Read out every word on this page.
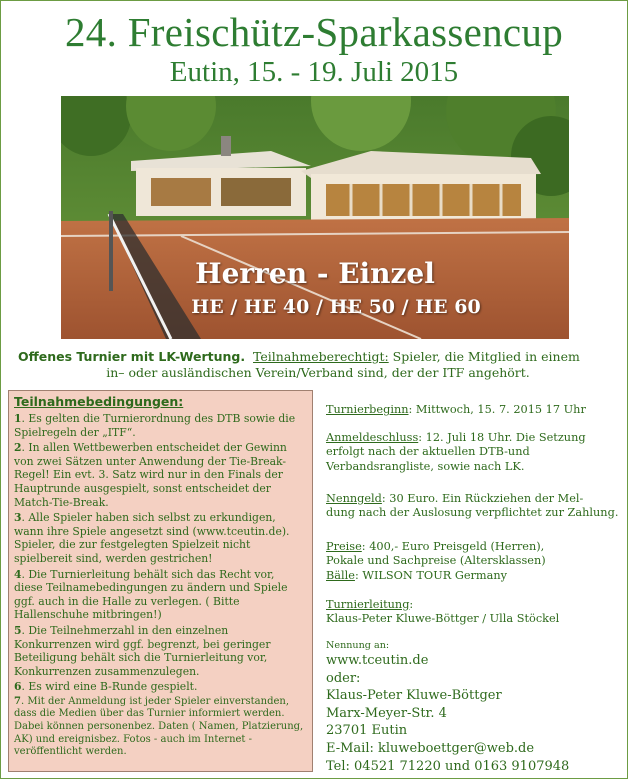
24. Freischütz-Sparkassencup
Eutin, 15. - 19. Juli 2015
Herren - Einzel
HE / HE 40 / HE 50 / HE 60
Offenes Turnier mit LK-Wertung. Teilnahmeberechtigt: Spieler, die Mitglied in einem
in– oder ausländischen Verein/Verband sind, der der ITF angehört.
Teilnahmebedingungen:
1. Es gelten die Turnierordnung des DTB sowie die
Spielregeln der „ITF“.
2. In allen Wettbewerben entscheidet der Gewinn
von zwei Sätzen unter Anwendung der Tie-Break-
Regel! Ein evt. 3. Satz wird nur in den Finals der
Hauptrunde ausgespielt, sonst entscheidet der
Match-Tie-Break.
3. Alle Spieler haben sich selbst zu erkundigen,
wann ihre Spiele angesetzt sind (www.tceutin.de).
Spieler, die zur festgelegten Spielzeit nicht
spielbereit sind, werden gestrichen!
4. Die Turnierleitung behält sich das Recht vor,
diese Teilnamebedingungen zu ändern und Spiele
ggf. auch in die Halle zu verlegen. ( Bitte
Hallenschuhe mitbringen!)
5. Die Teilnehmerzahl in den einzelnen
Konkurrenzen wird ggf. begrenzt, bei geringer
Beteiligung behält sich die Turnierleitung vor,
Konkurrenzen zusammenzulegen.
6. Es wird eine B-Runde gespielt.
7. Mit der Anmeldung ist jeder Spieler einverstanden,
dass die Medien über das Turnier informiert werden.
Dabei können personenbez. Daten ( Namen, Platzierung,
AK) und ereignisbez. Fotos - auch im Internet -
veröffentlicht werden.
Turnierbeginn: Mittwoch, 15. 7. 2015 17 Uhr
Anmeldeschluss: 12. Juli 18 Uhr. Die Setzung
erfolgt nach der aktuellen DTB-und
Verbandsrangliste, sowie nach LK.
Nenngeld: 30 Euro. Ein Rückziehen der Mel-
dung nach der Auslosung verpflichtet zur Zahlung.
Preise: 400,- Euro Preisgeld (Herren),
Pokale und Sachpreise (Altersklassen)
Bälle: WILSON TOUR Germany
Turnierleitung:
Klaus-Peter Kluwe-Böttger / Ulla Stöckel
Nennung an:
www.tceutin.de
oder:
Klaus-Peter Kluwe-Böttger
Marx-Meyer-Str. 4
23701 Eutin
E-Mail: kluweboettger@web.de
Tel: 04521 71220 und 0163 9107948
